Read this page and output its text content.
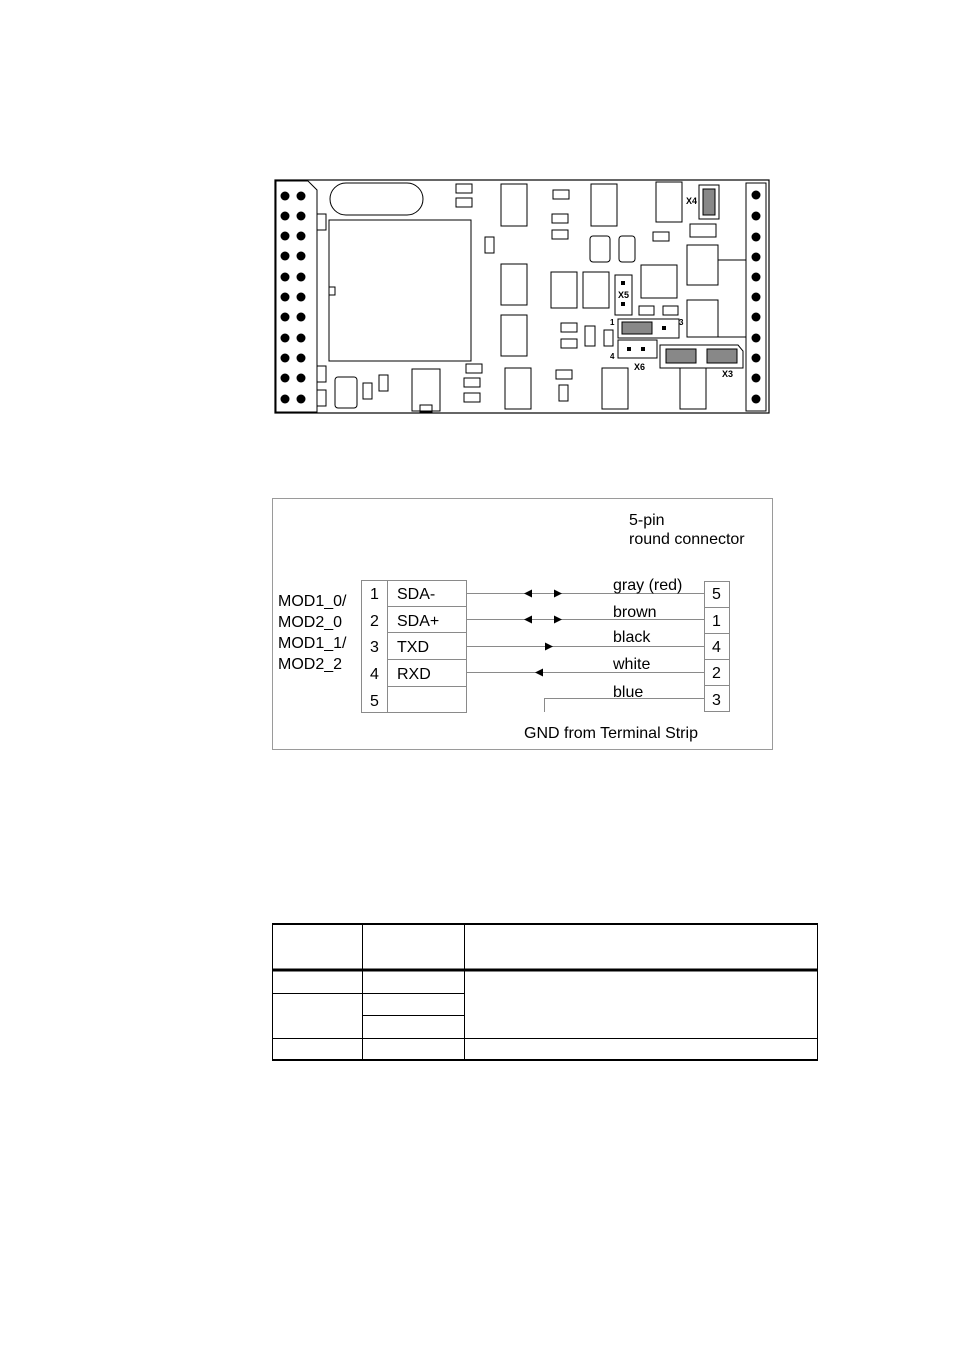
X4
X5
X6
X3
1	3
4
5-pin
round connector
MOD1_0/
MOD2_0
MOD1_1/
MOD2_2
1 SDA-
2 SDA+
3 TXD
4 RXD
5
5
1
4
2
3
gray (red)
brown
black
white
blue
GND from Terminal Strip
